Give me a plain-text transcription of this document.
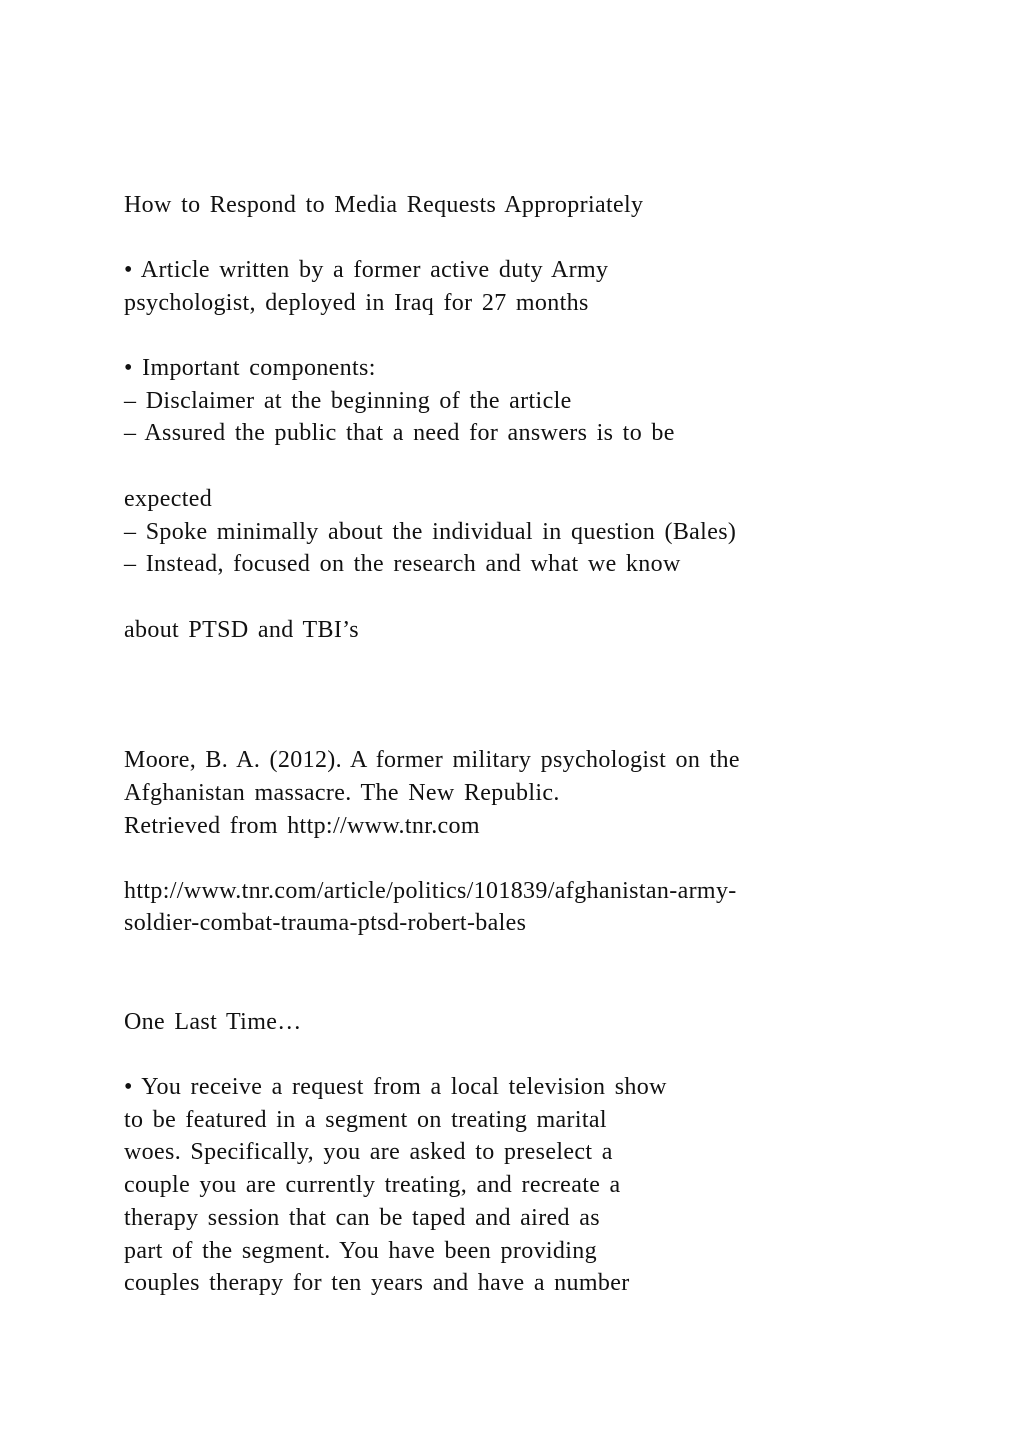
How to Respond to Media Requests Appropriately
• Article written by a former active duty Army
psychologist, deployed in Iraq for 27 months
• Important components:
– Disclaimer at the beginning of the article
– Assured the public that a need for answers is to be
expected
– Spoke minimally about the individual in question (Bales)
– Instead, focused on the research and what we know
about PTSD and TBI’s
Moore, B. A. (2012). A former military psychologist on the
Afghanistan massacre. The New Republic.
Retrieved from http://www.tnr.com
http://www.tnr.com/article/politics/101839/afghanistan-army-
soldier-combat-trauma-ptsd-robert-bales
One Last Time…
• You receive a request from a local television show
to be featured in a segment on treating marital
woes. Specifically, you are asked to preselect a
couple you are currently treating, and recreate a
therapy session that can be taped and aired as
part of the segment. You have been providing
couples therapy for ten years and have a number
